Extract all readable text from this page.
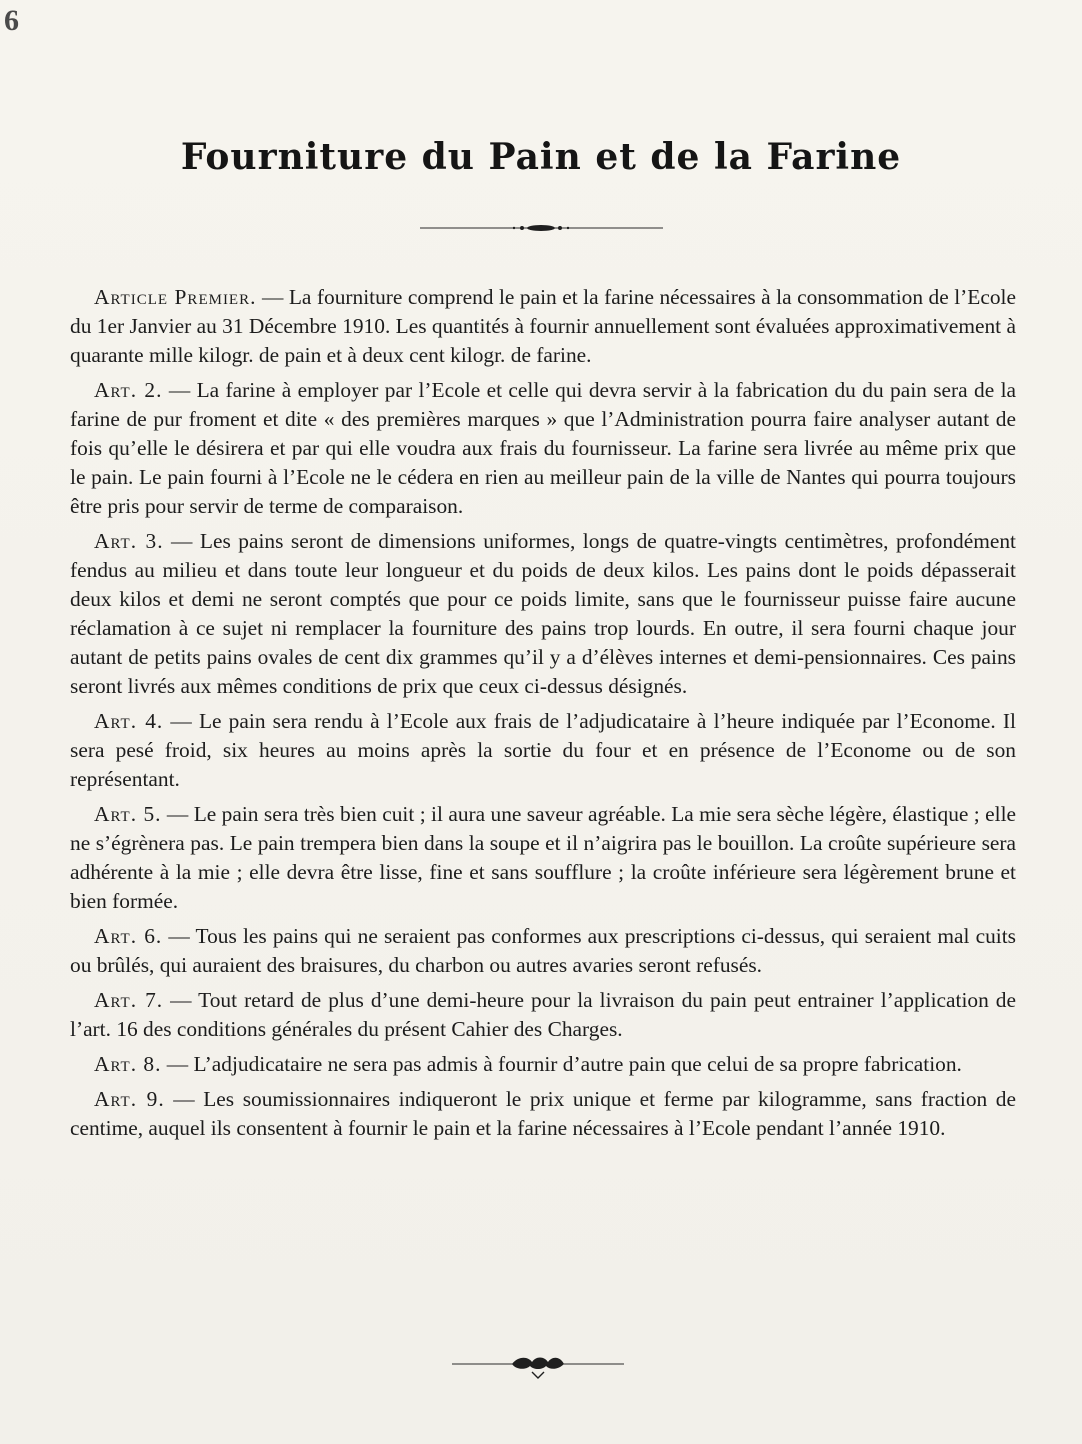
6
Fourniture du Pain et de la Farine

Article Premier. — La fourniture comprend le pain et la farine nécessaires à la consommation de l’Ecole du 1er Janvier au 31 Décembre 1910. Les quantités à fournir annuellement sont évaluées approximativement à quarante mille kilogr. de pain et à deux cent kilogr. de farine.

Art. 2. — La farine à employer par l’Ecole et celle qui devra servir à la fabrication du du pain sera de la farine de pur froment et dite « des premières marques » que l’Administration pourra faire analyser autant de fois qu’elle le désirera et par qui elle voudra aux frais du fournisseur. La farine sera livrée au même prix que le pain. Le pain fourni à l’Ecole ne le cédera en rien au meilleur pain de la ville de Nantes qui pourra toujours être pris pour servir de terme de comparaison.

Art. 3. — Les pains seront de dimensions uniformes, longs de quatre-vingts centimètres, profondément fendus au milieu et dans toute leur longueur et du poids de deux kilos. Les pains dont le poids dépasserait deux kilos et demi ne seront comptés que pour ce poids limite, sans que le fournisseur puisse faire aucune réclamation à ce sujet ni remplacer la fourniture des pains trop lourds. En outre, il sera fourni chaque jour autant de petits pains ovales de cent dix grammes qu’il y a d’élèves internes et demi-pensionnaires. Ces pains seront livrés aux mêmes conditions de prix que ceux ci-dessus désignés.

Art. 4. — Le pain sera rendu à l’Ecole aux frais de l’adjudicataire à l’heure indiquée par l’Econome. Il sera pesé froid, six heures au moins après la sortie du four et en présence de l’Econome ou de son représentant.

Art. 5. — Le pain sera très bien cuit ; il aura une saveur agréable. La mie sera sèche légère, élastique ; elle ne s’égrènera pas. Le pain trempera bien dans la soupe et il n’aigrira pas le bouillon. La croûte supérieure sera adhérente à la mie ; elle devra être lisse, fine et sans soufflure ; la croûte inférieure sera légèrement brune et bien formée.

Art. 6. — Tous les pains qui ne seraient pas conformes aux prescriptions ci-dessus, qui seraient mal cuits ou brûlés, qui auraient des braisures, du charbon ou autres avaries seront refusés.

Art. 7. — Tout retard de plus d’une demi-heure pour la livraison du pain peut entrainer l’application de l’art. 16 des conditions générales du présent Cahier des Charges.

Art. 8. — L’adjudicataire ne sera pas admis à fournir d’autre pain que celui de sa propre fabrication.

Art. 9. — Les soumissionnaires indiqueront le prix unique et ferme par kilogramme, sans fraction de centime, auquel ils consentent à fournir le pain et la farine nécessaires à l’Ecole pendant l’année 1910.
